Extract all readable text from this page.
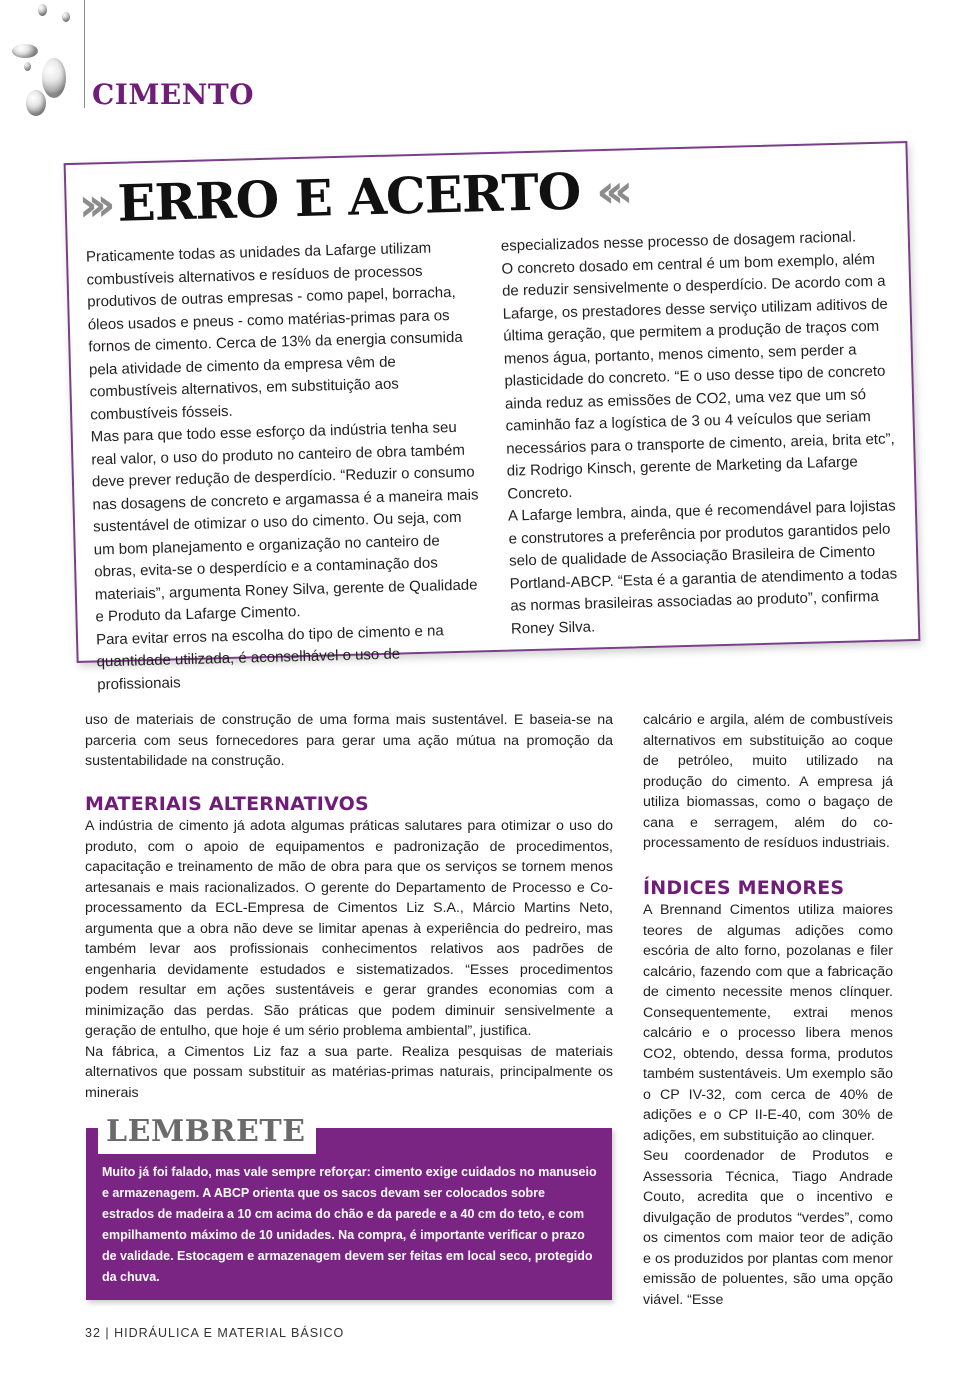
CIMENTO
››› ERRO E ACERTO ‹‹‹

Praticamente todas as unidades da Lafarge utilizam combustíveis alternativos e resíduos de processos produtivos de outras empresas - como papel, borracha, óleos usados e pneus - como matérias-primas para os fornos de cimento. Cerca de 13% da energia consumida pela atividade de cimento da empresa vêm de combustíveis alternativos, em substituição aos combustíveis fósseis.

Mas para que todo esse esforço da indústria tenha seu real valor, o uso do produto no canteiro de obra também deve prever redução de desperdício. “Reduzir o consumo nas dosagens de concreto e argamassa é a maneira mais sustentável de otimizar o uso do cimento. Ou seja, com um bom planejamento e organização no canteiro de obras, evita-se o desperdício e a contaminação dos materiais”, argumenta Roney Silva, gerente de Qualidade e Produto da Lafarge Cimento.

Para evitar erros na escolha do tipo de cimento e na quantidade utilizada, é aconselhável o uso de profissionais

especializados nesse processo de dosagem racional.

O concreto dosado em central é um bom exemplo, além de reduzir sensivelmente o desperdício. De acordo com a Lafarge, os prestadores desse serviço utilizam aditivos de última geração, que permitem a produção de traços com menos água, portanto, menos cimento, sem perder a plasticidade do concreto. “E o uso desse tipo de concreto ainda reduz as emissões de CO2, uma vez que um só caminhão faz a logística de 3 ou 4 veículos que seriam necessários para o transporte de cimento, areia, brita etc”, diz Rodrigo Kinsch, gerente de Marketing da Lafarge Concreto.

A Lafarge lembra, ainda, que é recomendável para lojistas e construtores a preferência por produtos garantidos pelo selo de qualidade de Associação Brasileira de Cimento Portland-ABCP. “Esta é a garantia de atendimento a todas as normas brasileiras associadas ao produto”, confirma Roney Silva.

uso de materiais de construção de uma forma mais sustentável. E baseia-se na parceria com seus fornecedores para gerar uma ação mútua na promoção da sustentabilidade na construção.

MATERIAIS ALTERNATIVOS

A indústria de cimento já adota algumas práticas salutares para otimizar o uso do produto, com o apoio de equipamentos e padronização de procedimentos, capacitação e treinamento de mão de obra para que os serviços se tornem menos artesanais e mais racionalizados. O gerente do Departamento de Processo e Co-processamento da ECL-Empresa de Cimentos Liz S.A., Márcio Martins Neto, argumenta que a obra não deve se limitar apenas à experiência do pedreiro, mas também levar aos profissionais conhecimentos relativos aos padrões de engenharia devidamente estudados e sistematizados. “Esses procedimentos podem resultar em ações sustentáveis e gerar grandes economias com a minimização das perdas. São práticas que podem diminuir sensivelmente a geração de entulho, que hoje é um sério problema ambiental”, justifica.

Na fábrica, a Cimentos Liz faz a sua parte. Realiza pesquisas de materiais alternativos que possam substituir as matérias-primas naturais, principalmente os minerais

calcário e argila, além de combustíveis alternativos em substituição ao coque de petróleo, muito utilizado na produção do cimento. A empresa já utiliza biomassas, como o bagaço de cana e serragem, além do co-processamento de resíduos industriais.

ÍNDICES MENORES

A Brennand Cimentos utiliza maiores teores de algumas adições como escória de alto forno, pozolanas e filer calcário, fazendo com que a fabricação de cimento necessite menos clínquer. Consequentemente, extrai menos calcário e o processo libera menos CO2, obtendo, dessa forma, produtos também sustentáveis. Um exemplo são o CP IV-32, com cerca de 40% de adições e o CP II-E-40, com 30% de adições, em substituição ao clinquer.

Seu coordenador de Produtos e Assessoria Técnica, Tiago Andrade Couto, acredita que o incentivo e divulgação de produtos “verdes”, como os cimentos com maior teor de adição e os produzidos por plantas com menor emissão de poluentes, são uma opção viável. “Esse

LEMBRETE
Muito já foi falado, mas vale sempre reforçar: cimento exige cuidados no manuseio e armazenagem. A ABCP orienta que os sacos devam ser colocados sobre estrados de madeira a 10 cm acima do chão e da parede e a 40 cm do teto, e com empilhamento máximo de 10 unidades. Na compra, é importante verificar o prazo de validade. Estocagem e armazenagem devem ser feitas em local seco, protegido da chuva.
32 | HIDRÁULICA E MATERIAL BÁSICO
